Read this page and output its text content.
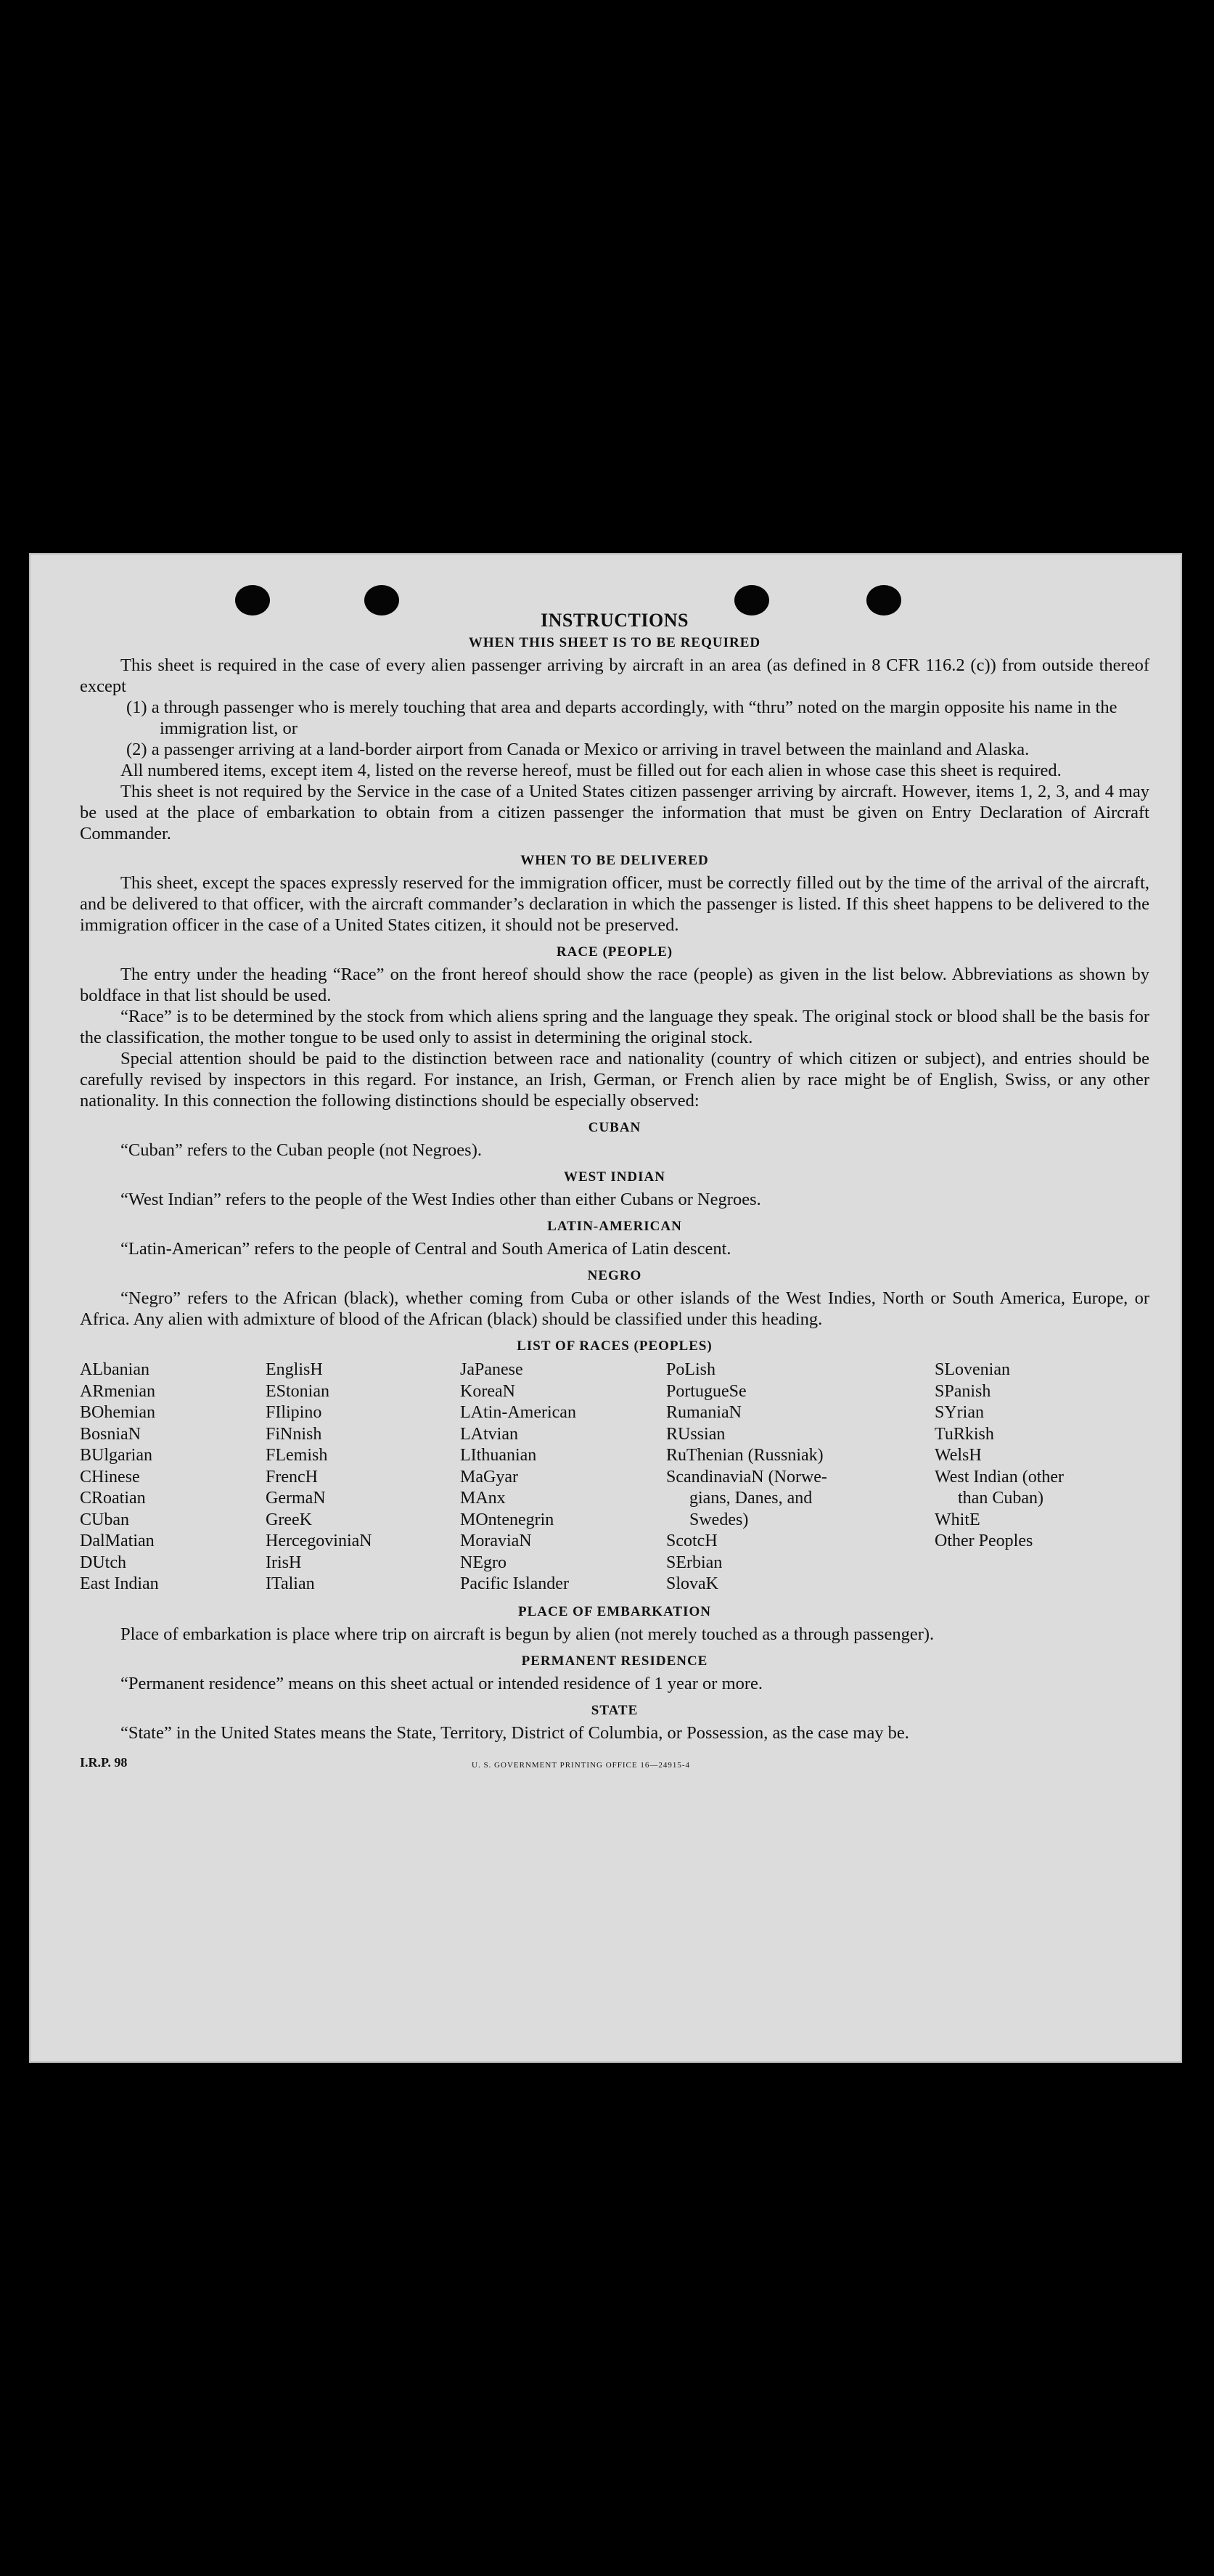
INSTRUCTIONS
WHEN THIS SHEET IS TO BE REQUIRED

This sheet is required in the case of every alien passenger arriving by aircraft in an area (as defined in 8 CFR 116.2 (c)) from outside thereof except

(1) a through passenger who is merely touching that area and departs accordingly, with “thru” noted on the margin opposite his name in the immigration list, or

(2) a passenger arriving at a land-border airport from Canada or Mexico or arriving in travel between the mainland and Alaska.

All numbered items, except item 4, listed on the reverse hereof, must be filled out for each alien in whose case this sheet is required.

This sheet is not required by the Service in the case of a United States citizen passenger arriving by aircraft. However, items 1, 2, 3, and 4 may be used at the place of embarkation to obtain from a citizen passenger the information that must be given on Entry Declaration of Aircraft Commander.

WHEN TO BE DELIVERED

This sheet, except the spaces expressly reserved for the immigration officer, must be correctly filled out by the time of the arrival of the aircraft, and be delivered to that officer, with the aircraft commander’s declaration in which the passenger is listed. If this sheet happens to be delivered to the immigration officer in the case of a United States citizen, it should not be preserved.

RACE (PEOPLE)

The entry under the heading “Race” on the front hereof should show the race (people) as given in the list below. Abbreviations as shown by boldface in that list should be used.

“Race” is to be determined by the stock from which aliens spring and the language they speak. The original stock or blood shall be the basis for the classification, the mother tongue to be used only to assist in determining the original stock.

Special attention should be paid to the distinction between race and nationality (country of which citizen or subject), and entries should be carefully revised by inspectors in this regard. For instance, an Irish, German, or French alien by race might be of English, Swiss, or any other nationality. In this connection the following distinctions should be especially observed:

CUBAN

“Cuban” refers to the Cuban people (not Negroes).

WEST INDIAN

“West Indian” refers to the people of the West Indies other than either Cubans or Negroes.

LATIN-AMERICAN

“Latin-American” refers to the people of Central and South America of Latin descent.

NEGRO

“Negro” refers to the African (black), whether coming from Cuba or other islands of the West Indies, North or South America, Europe, or Africa. Any alien with admixture of blood of the African (black) should be classified under this heading.

LIST OF RACES (PEOPLES)
ALbanian
ARmenian
BOhemian
BosniaN
BUlgarian
CHinese
CRoatian
CUban
DalMatian
DUtch
East Indian
EnglisH
EStonian
FIlipino
FiNnish
FLemish
FrencH
GermaN
GreeK
HercegoviniaN
IrisH
ITalian
JaPanese
KoreaN
LAtin-American
LAtvian
LIthuanian
MaGyar
MAnx
MOntenegrin
MoraviaN
NEgro
Pacific Islander
PoLish
PortugueSe
RumaniaN
RUssian
RuThenian (Russniak)
ScandinaviaN (Norwe-
gians, Danes, and
Swedes)
ScotcH
SErbian
SlovaK
SLovenian
SPanish
SYrian
TuRkish
WelsH
West Indian (other
than Cuban)
WhitE
Other Peoples
PLACE OF EMBARKATION

Place of embarkation is place where trip on aircraft is begun by alien (not merely touched as a through passenger).

PERMANENT RESIDENCE

“Permanent residence” means on this sheet actual or intended residence of 1 year or more.

STATE

“State” in the United States means the State, Territory, District of Columbia, or Possession, as the case may be.

I.R.P. 98	U. S. GOVERNMENT PRINTING OFFICE 16—24915-4
